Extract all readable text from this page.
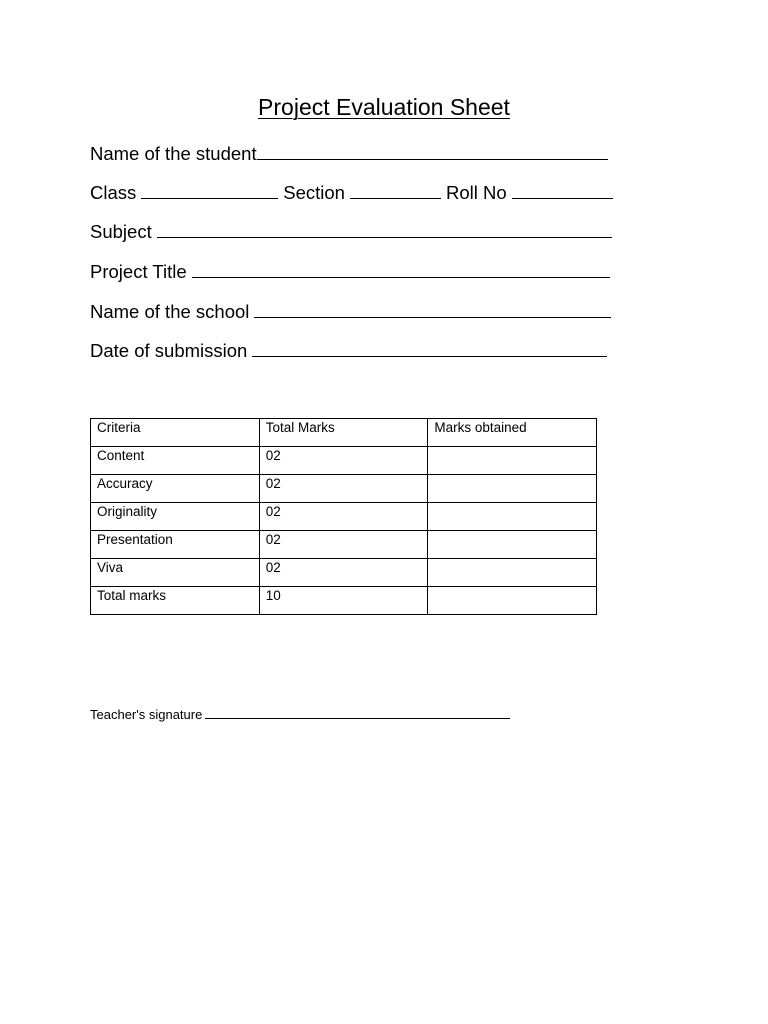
Project Evaluation Sheet
Name of the student
Class	Section	Roll No
Subject
Project Title
Name of the school
Date of submission
Criteria	Total Marks	Marks obtained
Content	02	
Accuracy	02	
Originality	02	
Presentation	02	
Viva	02	
Total marks	10	
Teacher's signature
